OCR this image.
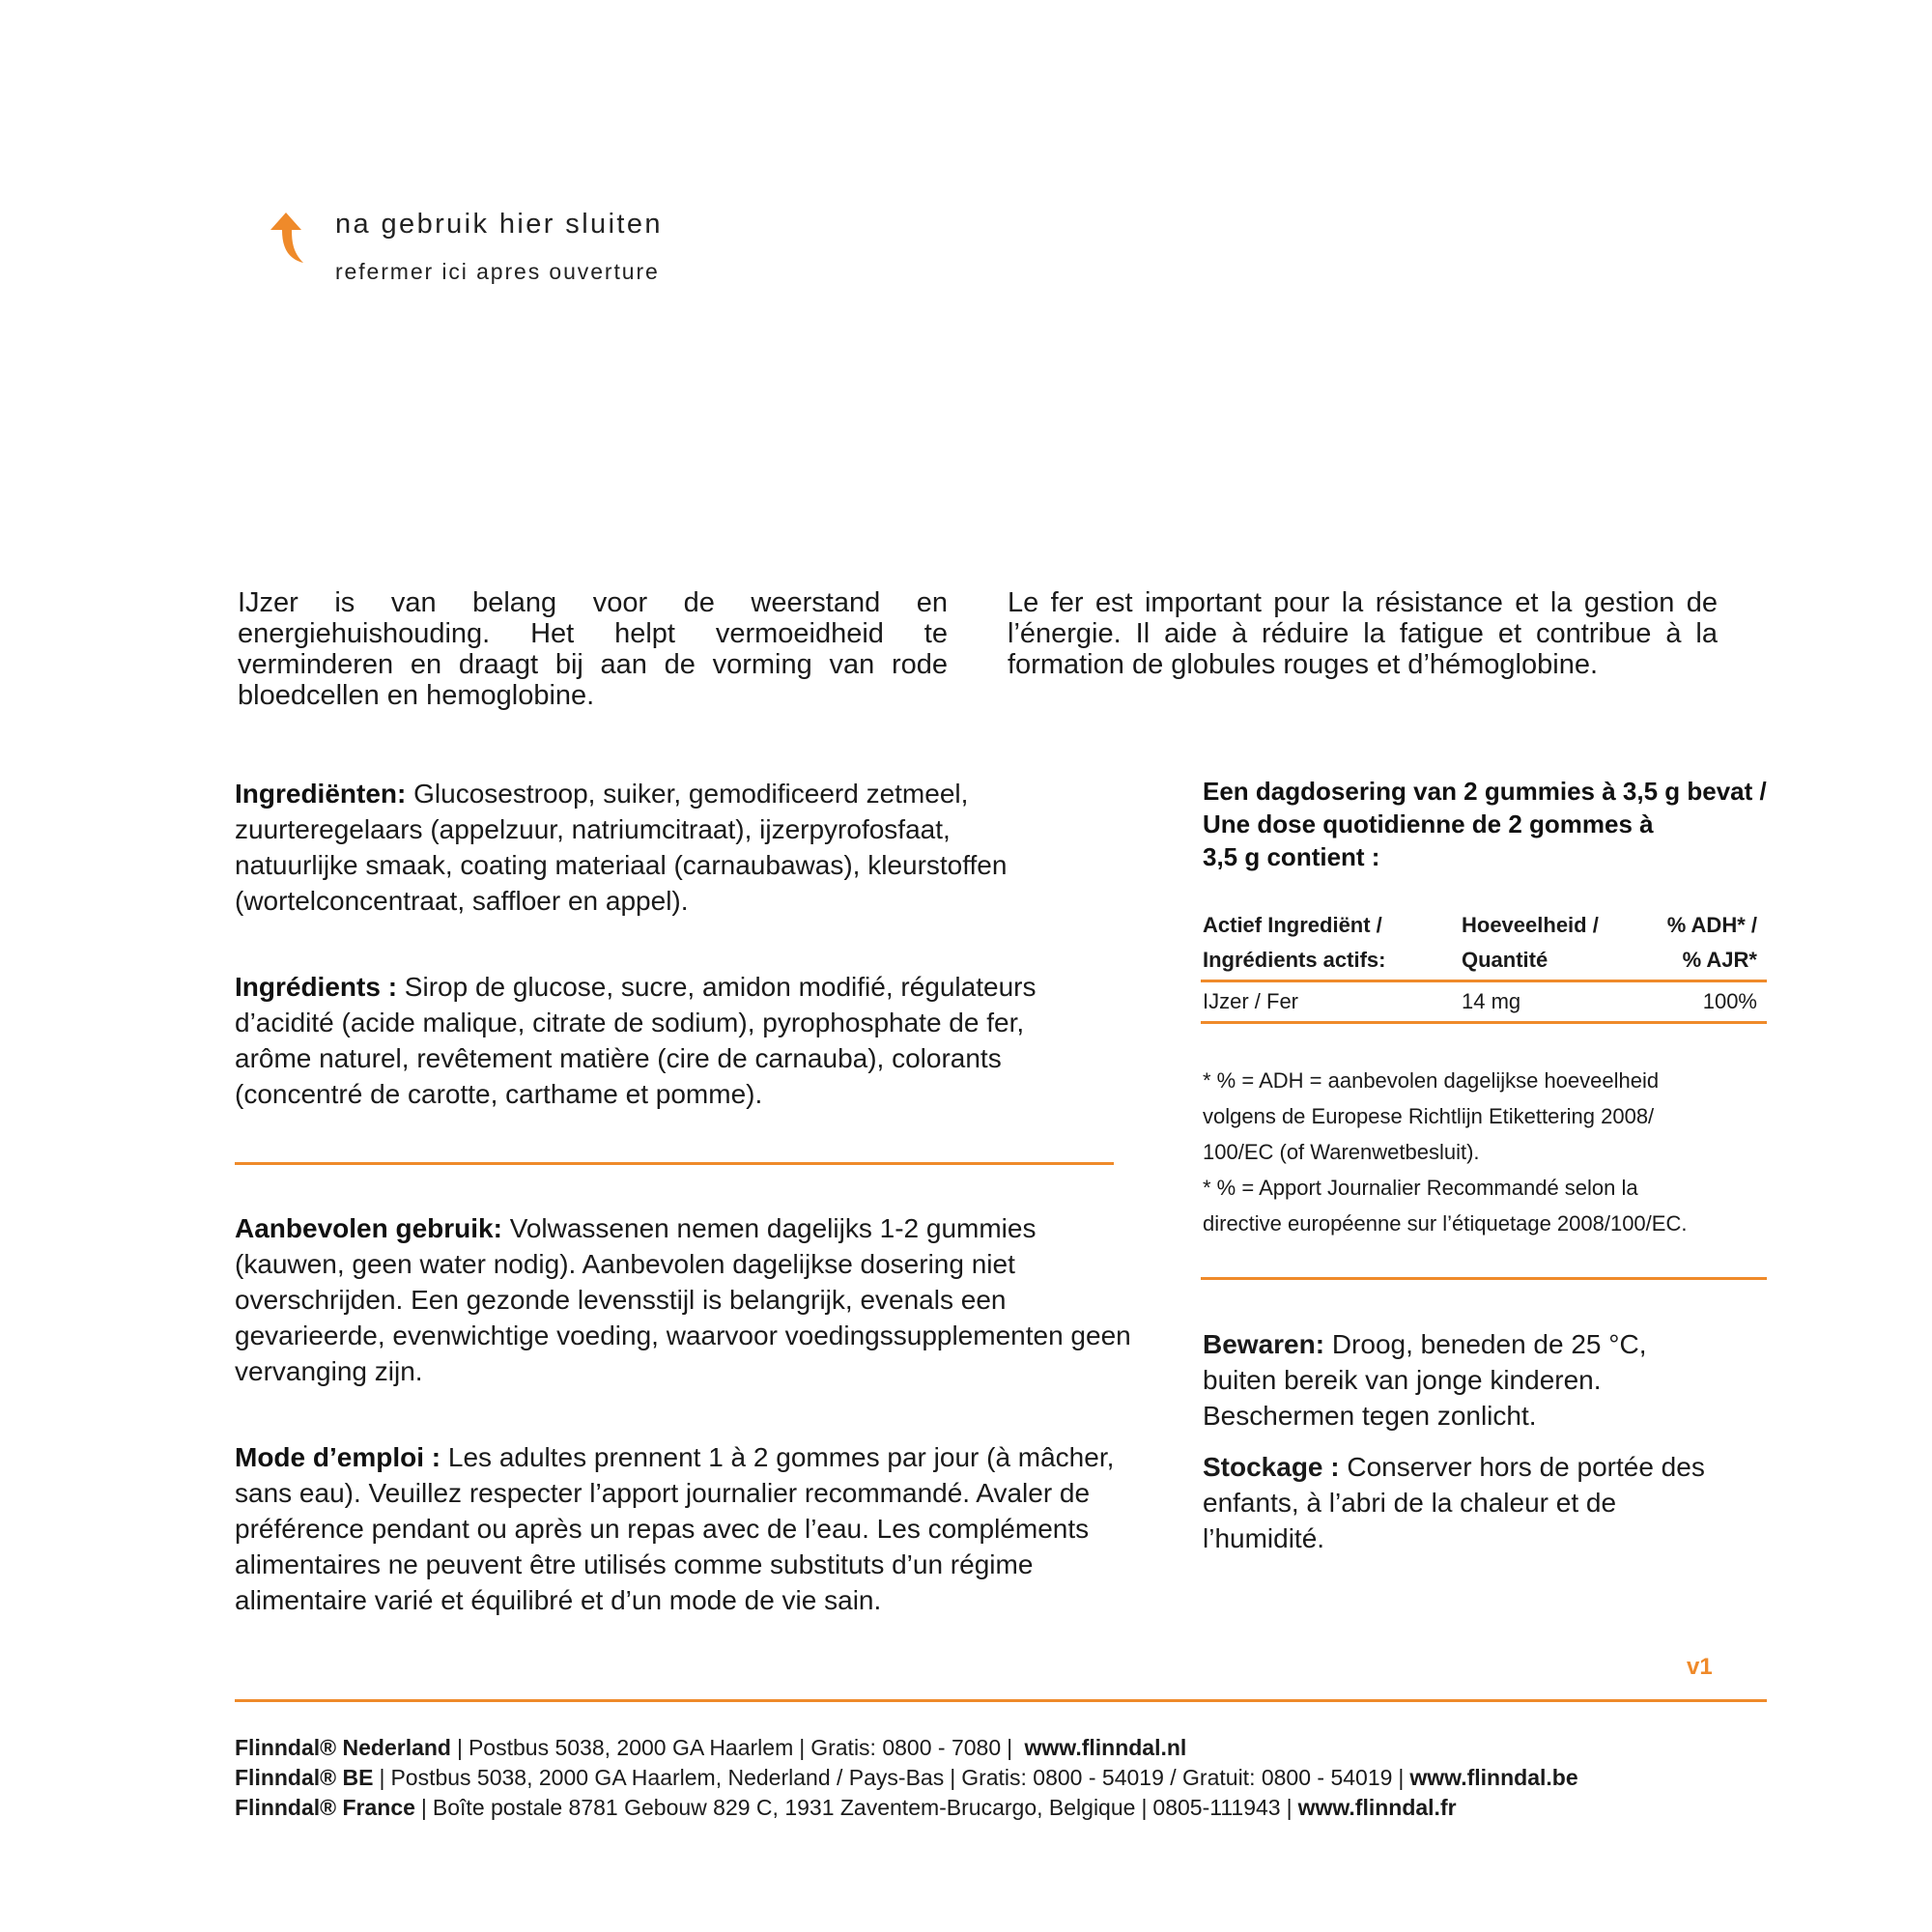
na gebruik hier sluiten
refermer ici apres ouverture
IJzer is van belang voor de weerstand en energiehuishouding. Het helpt vermoeidheid te verminderen en draagt bij aan de vorming van rode bloedcellen en hemoglobine.
Le fer est important pour la résistance et la gestion de l’énergie. Il aide à réduire la fatigue et contribue à la formation de globules rouges et d’hémoglobine.
Ingrediënten: Glucosestroop, suiker, gemodificeerd zetmeel, zuurteregelaars (appelzuur, natriumcitraat), ijzerpyrofosfaat, natuurlijke smaak, coating materiaal (carnaubawas), kleurstoffen (wortelconcentraat, saffloer en appel).
Ingrédients : Sirop de glucose, sucre, amidon modifié, régulateurs d’acidité (acide malique, citrate de sodium), pyrophosphate de fer, arôme naturel, revêtement matière (cire de carnauba), colorants (concentré de carotte, carthame et pomme).
Aanbevolen gebruik: Volwassenen nemen dagelijks 1-2 gummies (kauwen, geen water nodig). Aanbevolen dagelijkse dosering niet overschrijden. Een gezonde levensstijl is belangrijk, evenals een gevarieerde, evenwichtige voeding, waarvoor voedingssupplementen geen vervanging zijn.
Mode d’emploi : Les adultes prennent 1 à 2 gommes par jour (à mâcher, sans eau). Veuillez respecter l’apport journalier recommandé. Avaler de préférence pendant ou après un repas avec de l’eau. Les compléments alimentaires ne peuvent être utilisés comme substituts d’un régime alimentaire varié et équilibré et d’un mode de vie sain.
Een dagdosering van 2 gummies à 3,5 g bevat /
Une dose quotidienne de 2 gommes à
3,5 g contient :
Actief Ingrediënt /
Ingrédients actifs:
Hoeveelheid /
Quantité
% ADH* /
% AJR*
IJzer / Fer	14 mg	100%
* % = ADH = aanbevolen dagelijkse hoeveelheid
volgens de Europese Richtlijn Etikettering 2008/
100/EC (of Warenwetbesluit).
* % = Apport Journalier Recommandé selon la
directive européenne sur l’étiquetage 2008/100/EC.
Bewaren: Droog, beneden de 25 °C, buiten bereik van jonge kinderen. Beschermen tegen zonlicht.
Stockage : Conserver hors de portée des enfants, à l’abri de la chaleur et de l’humidité.
v1
Flinndal® Nederland | Postbus 5038, 2000 GA Haarlem | Gratis: 0800 - 7080 | www.flinndal.nl
Flinndal® BE | Postbus 5038, 2000 GA Haarlem, Nederland / Pays-Bas | Gratis: 0800 - 54019 / Gratuit: 0800 - 54019 | www.flinndal.be
Flinndal® France | Boîte postale 8781 Gebouw 829 C, 1931 Zaventem-Brucargo, Belgique | 0805-111943 | www.flinndal.fr
